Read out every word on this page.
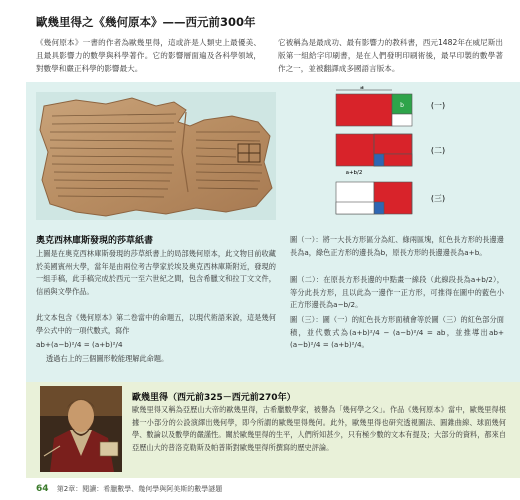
歐幾里得之《幾何原本》——西元前300年
《幾何原本》一書的作者為歐幾里得，這或許是人類史上最優美、且最具影響力的數學與科學著作。它的影響層面遍及各科學領域，對數學和嚴正科學的影響最大。
它被稱為是最成功、最有影響力的教科書，西元1482年在威尼斯出版第一組給字印刷書，是在人們發明印刷術後，最早印製的數學著作之一，並被翻譯成多國語言版本。
奧克西林庫斯發現的莎草紙書
上圖是在奧克西林庫斯發現的莎草紙書上的局部幾何原本，此文物目前收藏於美國賓州大學，當年是由兩位考古學家於埃及奧克西林庫斯附近，發現的一組手稿，此手稿完成於西元一至六世紀之間，包含希臘文和拉丁文文件，信函與文學作品。
此文本包含《幾何原本》第二卷當中的命題五，以現代術語來說，這是幾何學公式中的一項代數式，寫作
ab+(a−b)²/4 = (a+b)²/4
透過右上的三個圖形較能理解此命題。
a
b
a+b/2
(一)
(二)
(三)
圖（一）：將一大長方形區分為紅、綠兩區塊，紅色長方形的長邊邊長為a，綠色正方形的邊長為b，原長方形的長邊邊長為a+b。
圖（二）：在原長方形長邊的中點畫一線段（此線段長為a+b/2），等分此長方形，且以此為一邊作一正方形，可推得在圖中的藍色小正方形邊長為a−b/2。
圖（三）：圖（一）的紅色長方形面積會等於圖（三）的紅色部分面積，並代數式為(a+b)²/4 − (a−b)²/4 = ab，並推導出ab+(a−b)²/4 = (a+b)²/4。
歐幾里得（西元前325－西元前270年）
歐幾里得又稱為亞歷山大帝的歐幾里得，古希臘數學家，被譽為「幾何學之父」。作品《幾何原本》當中，歐幾里得根據一小部分的公設演繹出幾何學，即今所謂的歐幾里得幾何。此外，歐幾里得也研究透視圖法、圓錐曲線、球面幾何學、數論以及數學的嚴謹性。關於歐幾里得的生平，人們所知甚少，只有極少數的文本有提及；大部分的資料，都來自亞歷山大的普洛克勒斯及帕普斯對歐幾里得所撰寫的歷史評論。
64 第2章：閱讀：希臘數學、幾何學與阿美斯的數學謎題
